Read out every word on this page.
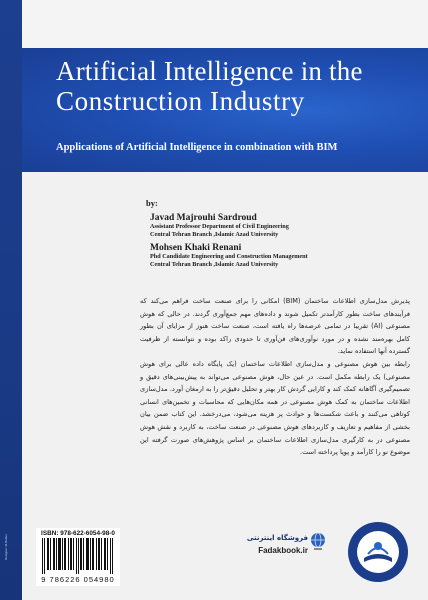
Designer: M.Rabiei
Artificial Intelligence in the
Construction Industry
Applications of Artificial Intelligence in combination with BIM
by:
Javad Majrouhi Sardroud
Assistant Professor Department of Civil Engineering
Central Tehran Branch ,Islamic Azad University
Mohsen Khaki Renani
Phd Candidate Engineering and Construction Management
Central Tehran Branch ,Islamic Azad University

پذیرش مدل‌سازی اطلاعات ساختمان (BIM) امکانی را برای صنعت ساخت فراهم می‌کند که فرآیندهای ساخت بطور کارآمدتر تکمیل شوند و داده‌های مهم جمع‌آوری گردند. در حالی که هوش مصنوعی (AI) تقریبا در تمامی عرصه‌ها راه یافته است، صنعت ساخت هنوز از مزایای آن بطور کامل بهره‌مند نشده و در مورد نوآوری‌های فن‌آوری تا حدودی راکد بوده و نتوانسته از ظرفیت گسترده آنها استفاده نماید.

رابطه بین هوش مصنوعی و مدل‌سازی اطلاعات ساختمان (یک پایگاه داده عالی برای هوش مصنوعی) یک رابطه مکمل است. در عین حال، هوش مصنوعی می‌تواند به پیش‌بینی‌های دقیق و تصمیم‌گیری آگاهانه کمک کند و کارایی گردش کار بهتر و تحلیل دقیق‌تر را به ارمغان آورد. مدل‌سازی اطلاعات ساختمان به کمک هوش مصنوعی در همه مکان‌هایی که محاسبات و تخمین‌های انسانی کوتاهی می‌کنند و باعث شکست‌ها و حوادث پر هزینه می‌شود، می‌درخشد. این کتاب ضمن بیان بخشی از مفاهیم و تعاریف و کاربردهای هوش مصنوعی در صنعت ساخت، به کاربرد و نقش هوش مصنوعی در به کارگیری مدل‌سازی اطلاعات ساختمان بر اساس پژوهش‌های صورت گرفته این موضوع نو را کارآمد و پویا پرداخته است.

ISBN: 978-622-6054-98-0
9 786226 054980
فروشگاه اینترنتی
Fadakbook.ir
